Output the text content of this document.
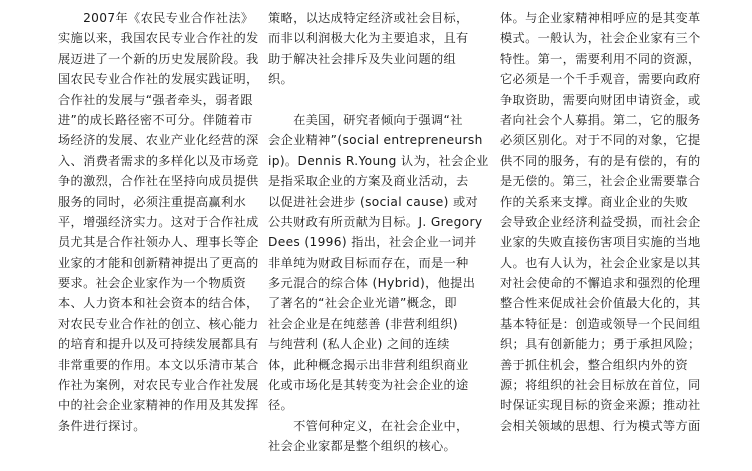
　　2007年《农民专业合作社法》
实施以来，我国农民专业合作社的发
展迈进了一个新的历史发展阶段。我
国农民专业合作社的发展实践证明，
合作社的发展与“强者牵头，弱者跟
进”的成长路径密不可分。伴随着市
场经济的发展、农业产业化经营的深
入、消费者需求的多样化以及市场竞
争的激烈，合作社在坚持向成员提供
服务的同时，必须注重提高赢利水
平，增强经济实力。这对于合作社成
员尤其是合作社领办人、理事长等企
业家的才能和创新精神提出了更高的
要求。社会企业家作为一个物质资
本、人力资本和社会资本的结合体，
对农民专业合作社的创立、核心能力
的培育和提升以及可持续发展都具有
非常重要的作用。本文以乐清市某合
作社为案例，对农民专业合作社发展
中的社会企业家精神的作用及其发挥
条件进行探讨。
策略，以达成特定经济或社会目标，
而非以利润极大化为主要追求，且有
助于解决社会排斥及失业问题的组
织。
　　在美国，研究者倾向于强调“社
会企业精神”(social entrepreneursh
ip)。Dennis R.Young 认为，社会企业
是指采取企业的方案及商业活动，去
以促进社会进步 (social cause) 或对
公共财政有所贡献为目标。J. Gregory
Dees (1996) 指出，社会企业一词并
非单纯为财政目标而存在，而是一种
多元混合的综合体 (Hybrid)，他提出
了著名的“社会企业光谱”概念，即
社会企业是在纯慈善 (非营利组织)
与纯营利 (私人企业) 之间的连续
体，此种概念揭示出非营利组织商业
化或市场化是其转变为社会企业的途
径。
　　不管何种定义，在社会企业中，
社会企业家都是整个组织的核心。
体。与企业家精神相呼应的是其变革
模式。一般认为，社会企业家有三个
特性。第一，需要利用不同的资源，
它必须是一个千手观音，需要向政府
争取资助，需要向财团申请资金，或
者向社会个人募捐。第二，它的服务
必须区别化。对于不同的对象，它提
供不同的服务，有的是有偿的，有的
是无偿的。第三，社会企业需要靠合
作的关系来支撑。商业企业的失败
会导致企业经济利益受损，而社会企
业家的失败直接伤害项目实施的当地
人。也有人认为，社会企业家是以其
对社会使命的不懈追求和强烈的伦理
整合性来促成社会价值最大化的，其
基本特征是：创造或领导一个民间组
织；具有创新能力；勇于承担风险；
善于抓住机会，整合组织内外的资
源；将组织的社会目标放在首位，同
时保证实现目标的资金来源；推动社
会相关领域的思想、行为模式等方面
